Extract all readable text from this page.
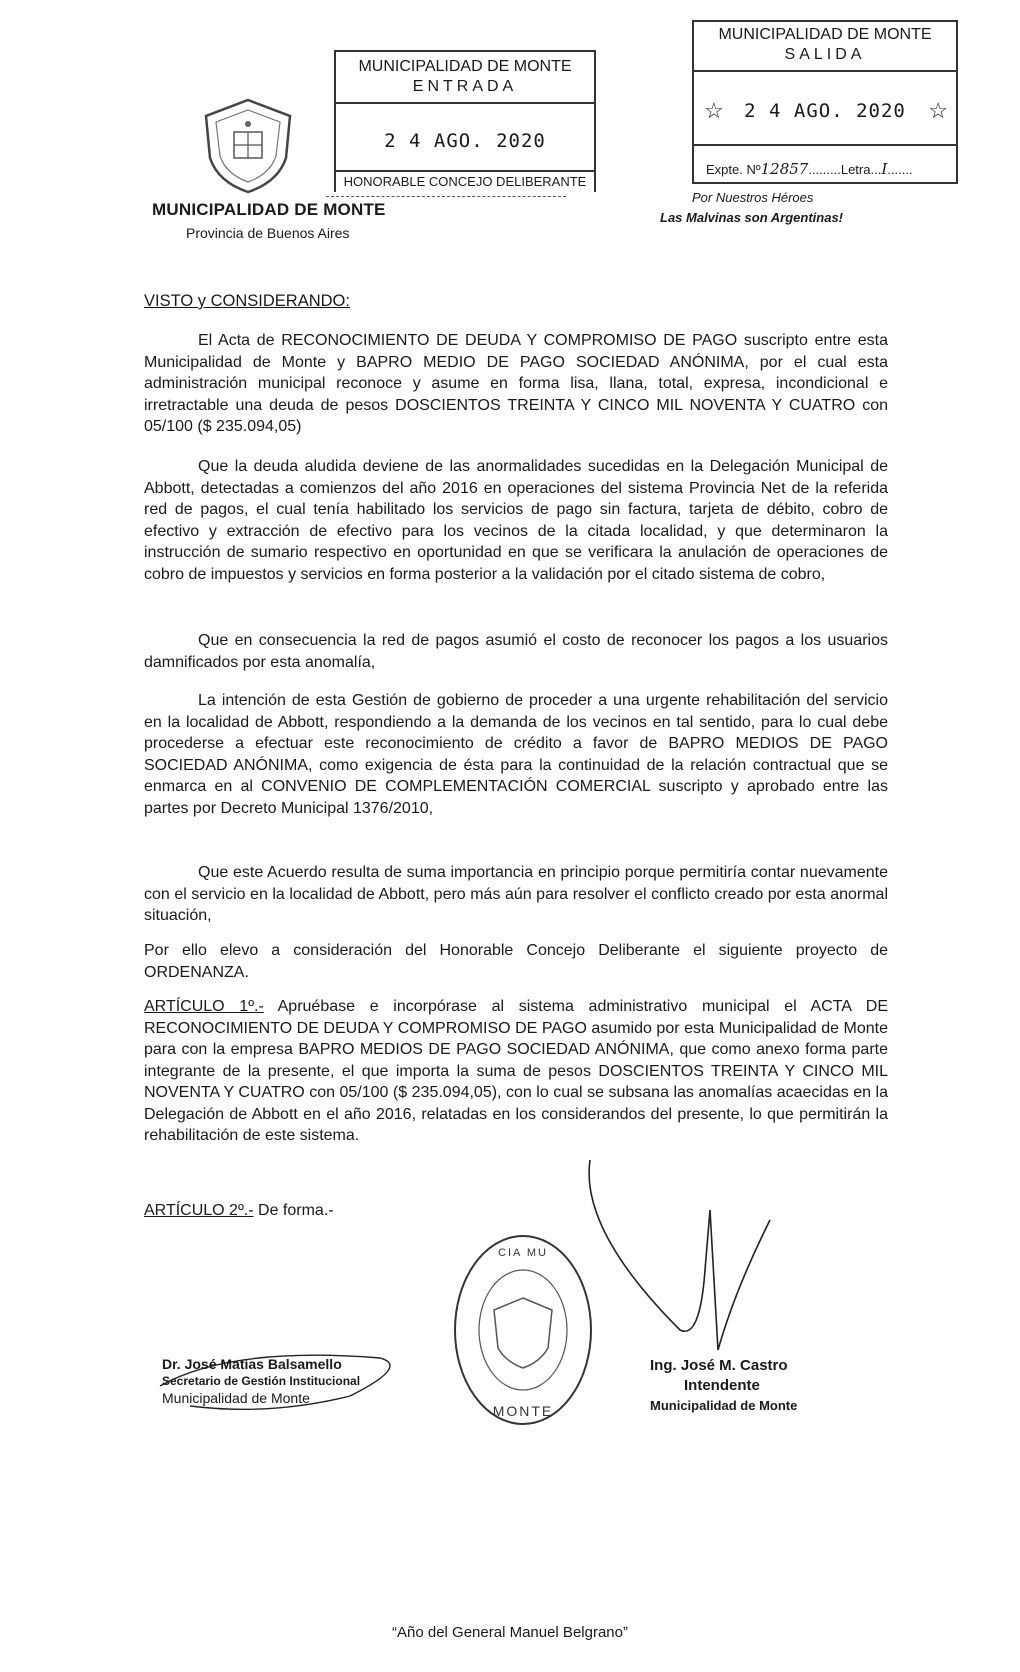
MUNICIPALIDAD DE MONTE
Provincia de Buenos Aires
MUNICIPALIDAD DE MONTE
ENTRADA
2 4 AGO. 2020
HONORABLE CONCEJO DELIBERANTE
MUNICIPALIDAD DE MONTE
SALIDA
☆	2 4 AGO. 2020	☆
Expte. Nº12857.........Letra...I.......
Por Nuestros Héroes
Las Malvinas son Argentinas!
VISTO y CONSIDERANDO:

El Acta de RECONOCIMIENTO DE DEUDA Y COMPROMISO DE PAGO suscripto entre esta Municipalidad de Monte y BAPRO MEDIO DE PAGO SOCIEDAD ANÓNIMA, por el cual esta administración municipal reconoce y asume en forma lisa, llana, total, expresa, incondicional e irretractable una deuda de pesos DOSCIENTOS TREINTA Y CINCO MIL NOVENTA Y CUATRO con 05/100 ($ 235.094,05)

Que la deuda aludida deviene de las anormalidades sucedidas en la Delegación Municipal de Abbott, detectadas a comienzos del año 2016 en operaciones del sistema Provincia Net de la referida red de pagos, el cual tenía habilitado los servicios de pago sin factura, tarjeta de débito, cobro de efectivo y extracción de efectivo para los vecinos de la citada localidad, y que determinaron la instrucción de sumario respectivo en oportunidad en que se verificara la anulación de operaciones de cobro de impuestos y servicios en forma posterior a la validación por el citado sistema de cobro,

Que en consecuencia la red de pagos asumió el costo de reconocer los pagos a los usuarios damnificados por esta anomalía,

La intención de esta Gestión de gobierno de proceder a una urgente rehabilitación del servicio en la localidad de Abbott, respondiendo a la demanda de los vecinos en tal sentido, para lo cual debe procederse a efectuar este reconocimiento de crédito a favor de BAPRO MEDIOS DE PAGO SOCIEDAD ANÓNIMA, como exigencia de ésta para la continuidad de la relación contractual que se enmarca en al CONVENIO DE COMPLEMENTACIÓN COMERCIAL suscripto y aprobado entre las partes por Decreto Municipal 1376/2010,

Que este Acuerdo resulta de suma importancia en principio porque permitiría contar nuevamente con el servicio en la localidad de Abbott, pero más aún para resolver el conflicto creado por esta anormal situación,

Por ello elevo a consideración del Honorable Concejo Deliberante el siguiente proyecto de ORDENANZA.

ARTÍCULO 1º.- Apruébase e incorpórase al sistema administrativo municipal el ACTA DE RECONOCIMIENTO DE DEUDA Y COMPROMISO DE PAGO asumido por esta Municipalidad de Monte para con la empresa BAPRO MEDIOS DE PAGO SOCIEDAD ANÓNIMA, que como anexo forma parte integrante de la presente, el que importa la suma de pesos DOSCIENTOS TREINTA Y CINCO MIL NOVENTA Y CUATRO con 05/100 ($ 235.094,05), con lo cual se subsana las anomalías acaecidas en la Delegación de Abbott en el año 2016, relatadas en los considerandos del presente, lo que permitirán la rehabilitación de este sistema.

ARTÍCULO 2º.- De forma.-

CIA MU
MONTE
Dr. José Matías Balsamello
Secretario de Gestión Institucional
Municipalidad de Monte
Ing. José M. Castro
Intendente
Municipalidad de Monte
“Año del General Manuel Belgrano”
